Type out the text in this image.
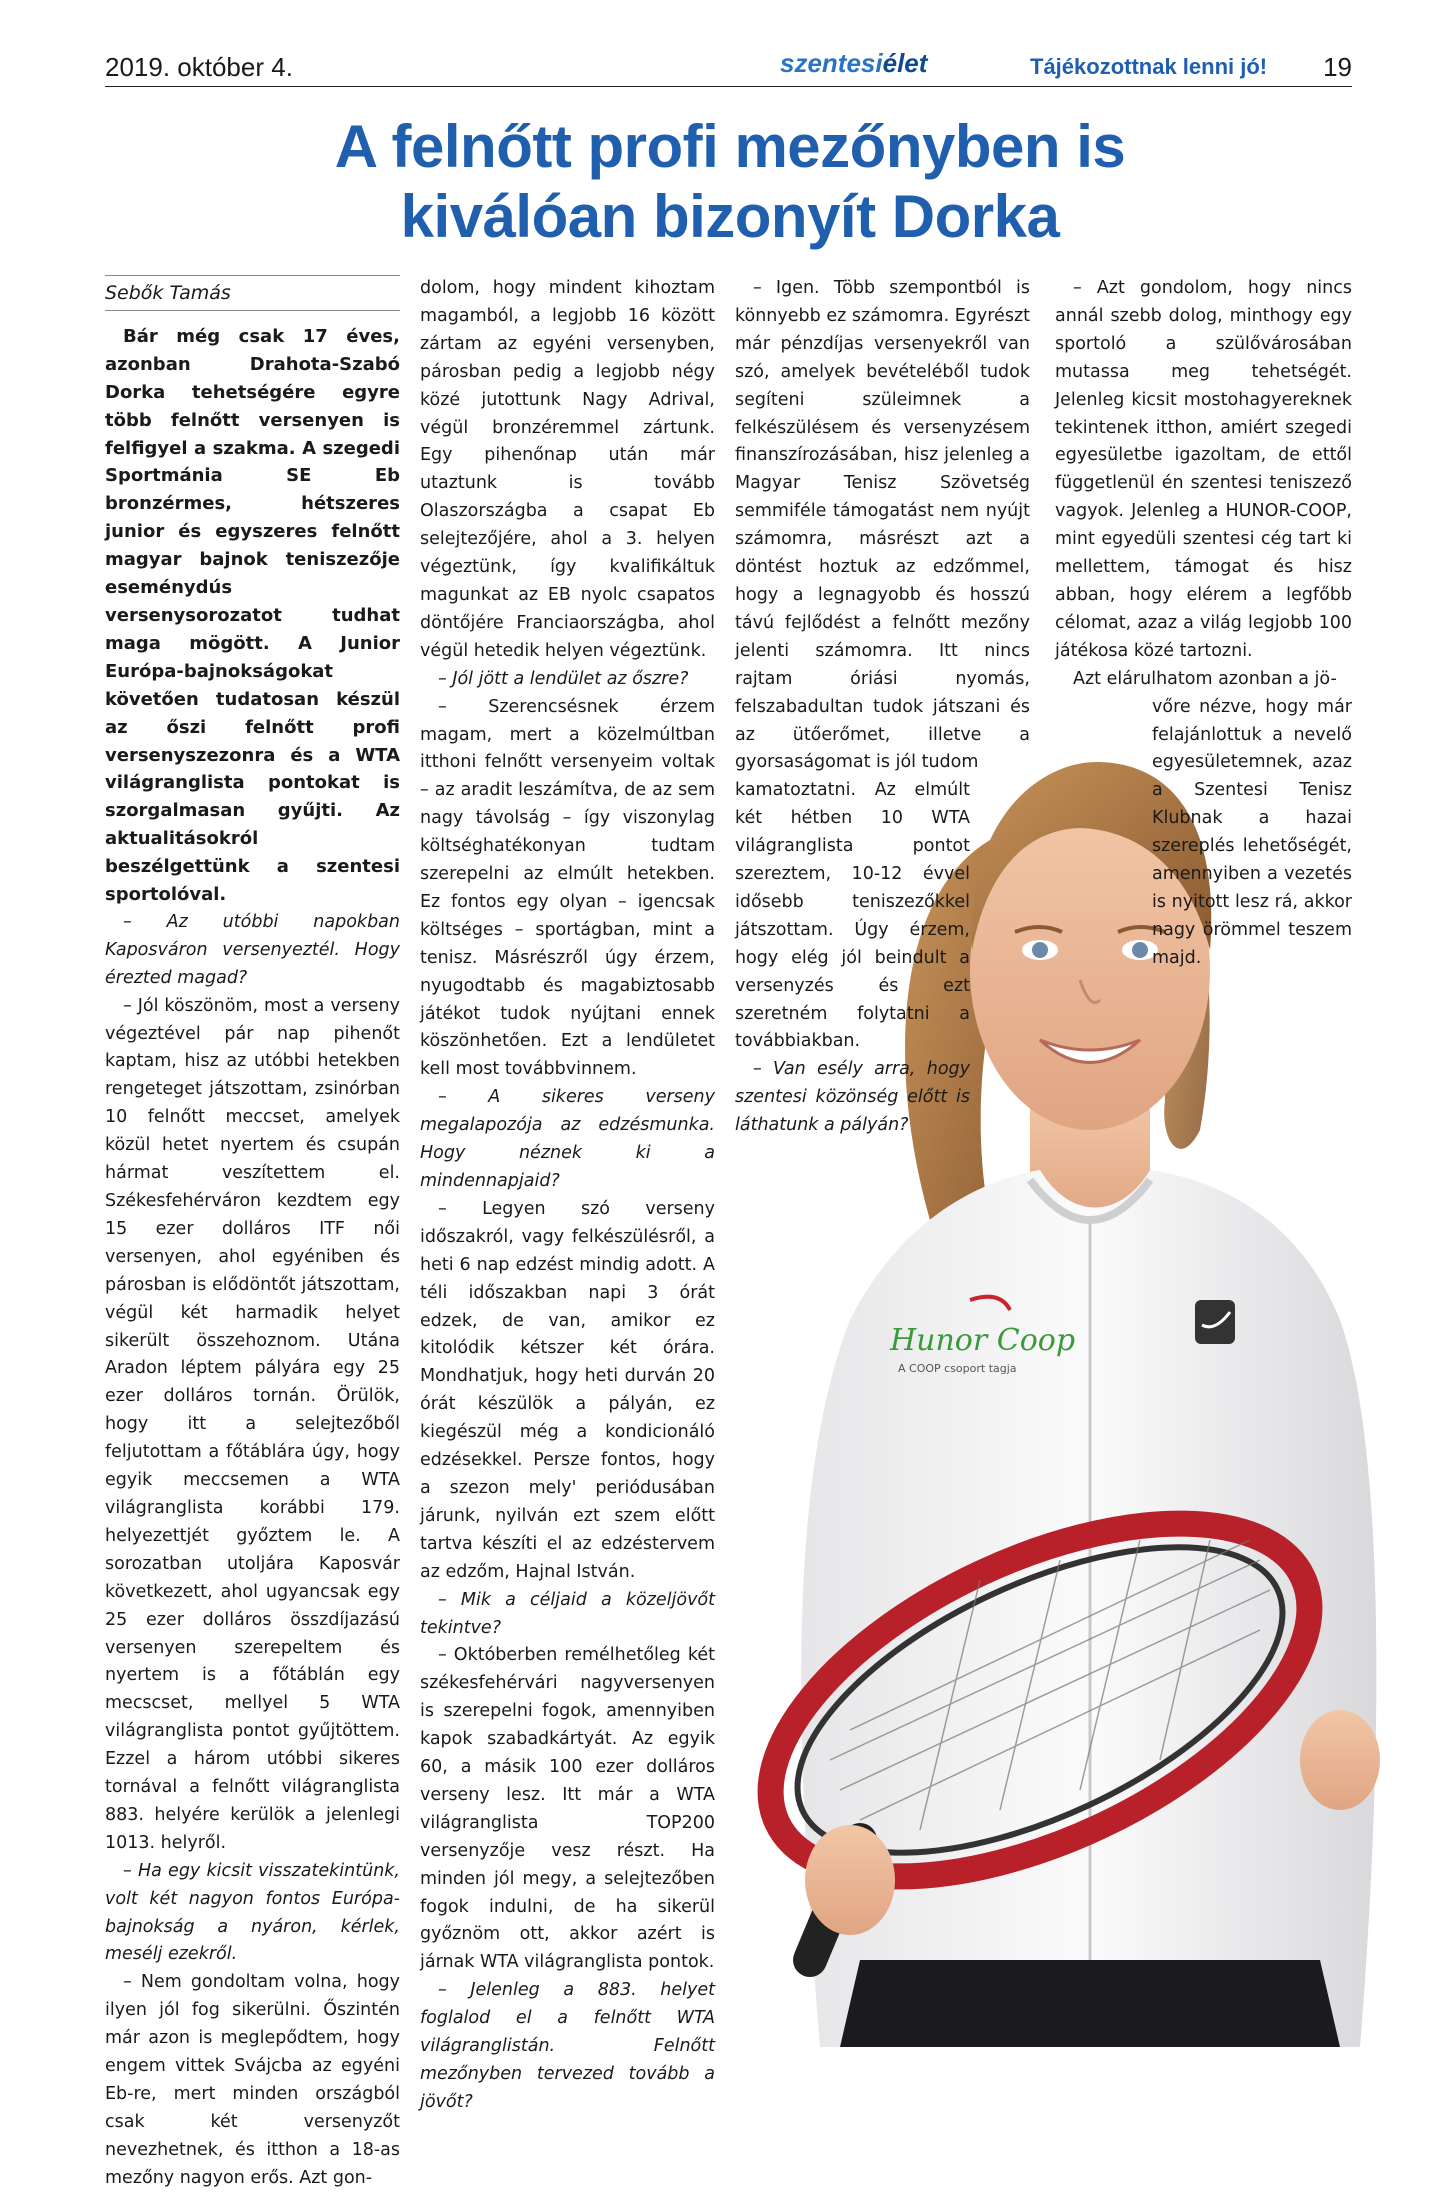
2019. október 4.	szentesiélet	Tájékozottnak lenni jó! 19
A felnőtt profi mezőnyben is
kiválóan bizonyít Dorka
Hunor Coop
A COOP csoport tagja
Sebők Tamás

Bár még csak 17 éves, azonban Drahota-Szabó Dorka tehetségére egyre több felnőtt versenyen is felfigyel a szakma. A szegedi Sportmánia SE Eb bronzérmes, hétszeres junior és egyszeres felnőtt magyar bajnok teniszezője eseménydús versenysorozatot tudhat maga mögött. A Junior Európa-bajnokságokat követően tudatosan készül az őszi felnőtt profi versenyszezonra és a WTA világranglista pontokat is szorgalmasan gyűjti. Az aktualitásokról beszélgettünk a szentesi sportolóval.

– Az utóbbi napokban Kaposváron versenyeztél. Hogy érezted magad?

– Jól köszönöm, most a verseny végeztével pár nap pihenőt kaptam, hisz az utóbbi hetekben rengeteget játszottam, zsinórban 10 felnőtt meccset, amelyek közül hetet nyertem és csupán hármat veszítettem el. Székesfehérváron kezdtem egy 15 ezer dolláros ITF női versenyen, ahol egyéniben és párosban is elődöntőt játszottam, végül két harmadik helyet sikerült összehoznom. Utána Aradon léptem pályára egy 25 ezer dolláros tornán. Örülök, hogy itt a selejtezőből feljutottam a főtáblára úgy, hogy egyik meccsemen a WTA világranglista korábbi 179. helyezettjét győztem le. A sorozatban utoljára Kaposvár következett, ahol ugyancsak egy 25 ezer dolláros összdíjazású versenyen szerepeltem és nyertem is a főtáblán egy mecscset, mellyel 5 WTA világranglista pontot gyűjtöttem. Ezzel a három utóbbi sikeres tornával a felnőtt világranglista 883. helyére kerülök a jelenlegi 1013. helyről.

– Ha egy kicsit visszatekintünk, volt két nagyon fontos Európa-bajnokság a nyáron, kérlek, mesélj ezekről.

– Nem gondoltam volna, hogy ilyen jól fog sikerülni. Őszintén már azon is meglepődtem, hogy engem vittek Svájcba az egyéni Eb-re, mert minden országból csak két versenyzőt nevezhetnek, és itthon a 18-as mezőny nagyon erős. Azt gon-

dolom, hogy mindent kihoztam magamból, a legjobb 16 között zártam az egyéni versenyben, párosban pedig a legjobb négy közé jutottunk Nagy Adrival, végül bronzéremmel zártunk. Egy pihenőnap után már utaztunk is tovább Olaszországba a csapat Eb selejtezőjére, ahol a 3. helyen végeztünk, így kvalifikáltuk magunkat az EB nyolc csapatos döntőjére Franciaországba, ahol végül hetedik helyen végeztünk.

– Jól jött a lendület az őszre?

– Szerencsésnek érzem magam, mert a közelmúltban itthoni felnőtt versenyeim voltak – az aradit leszámítva, de az sem nagy távolság – így viszonylag költséghatékonyan tudtam szerepelni az elmúlt hetekben. Ez fontos egy olyan – igencsak költséges – sportágban, mint a tenisz. Másrészről úgy érzem, nyugodtabb és magabiztosabb játékot tudok nyújtani ennek köszönhetően. Ezt a lendületet kell most továbbvinnem.

– A sikeres verseny megalapozója az edzésmunka. Hogy néznek ki a mindennapjaid?

– Legyen szó verseny időszakról, vagy felkészülésről, a heti 6 nap edzést mindig adott. A téli időszakban napi 3 órát edzek, de van, amikor ez kitolódik kétszer két órára. Mondhatjuk, hogy heti durván 20 órát készülök a pályán, ez kiegészül még a kondicionáló edzésekkel. Persze fontos, hogy a szezon mely' periódusában járunk, nyilván ezt szem előtt tartva készíti el az edzéstervem az edzőm, Hajnal István.

– Mik a céljaid a közeljövőt tekintve?

– Októberben remélhetőleg két székesfehérvári nagyversenyen is szerepelni fogok, amennyiben kapok szabadkártyát. Az egyik 60, a másik 100 ezer dolláros verseny lesz. Itt már a WTA világranglista TOP200 versenyzője vesz részt. Ha minden jól megy, a selejtezőben fogok indulni, de ha sikerül győznöm ott, akkor azért is járnak WTA világranglista pontok.

– Jelenleg a 883. helyet foglalod el a felnőtt WTA világranglistán. Felnőtt mezőnyben tervezed tovább a jövőt?

– Igen. Több szempontból is könnyebb ez számomra. Egyrészt már pénzdíjas versenyekről van szó, amelyek bevételéből tudok segíteni szüleimnek a felkészülésem és versenyzésem finanszírozásában, hisz jelenleg a Magyar Tenisz Szövetség semmiféle támogatást nem nyújt számomra, másrészt azt a döntést hoztuk az edzőmmel, hogy a legnagyobb és hosszú távú fejlődést a felnőtt mezőny jelenti számomra. Itt nincs rajtam óriási nyomás, felszabadultan tudok játszani és az ütőerőmet, illetve a gyorsaságomat is jól tudom

kamatoztatni. Az elmúlt két hétben 10 WTA világranglista pontot szereztem, 10-12 évvel idősebb teniszezőkkel játszottam. Úgy érzem, hogy elég jól beindult a versenyzés és ezt szeretném folytatni a továbbiakban.

– Van esély arra, hogy szentesi közönség előtt is láthatunk a pályán?

– Azt gondolom, hogy nincs annál szebb dolog, minthogy egy sportoló a szülővárosában mutassa meg tehetségét. Jelenleg kicsit mostohagyereknek tekintenek itthon, amiért szegedi egyesületbe igazoltam, de ettől függetlenül én szentesi teniszező vagyok. Jelenleg a HUNOR-COOP, mint egyedüli szentesi cég tart ki mellettem, támogat és hisz abban, hogy elérem a legfőbb célomat, azaz a világ legjobb 100 játékosa közé tartozni.

Azt elárulhatom azonban a jö-

vőre nézve, hogy már felajánlottuk a nevelő egyesületemnek, azaz a Szentesi Tenisz Klubnak a hazai szereplés lehetőségét, amennyiben a vezetés is nyitott lesz rá, akkor nagy örömmel teszem majd.
